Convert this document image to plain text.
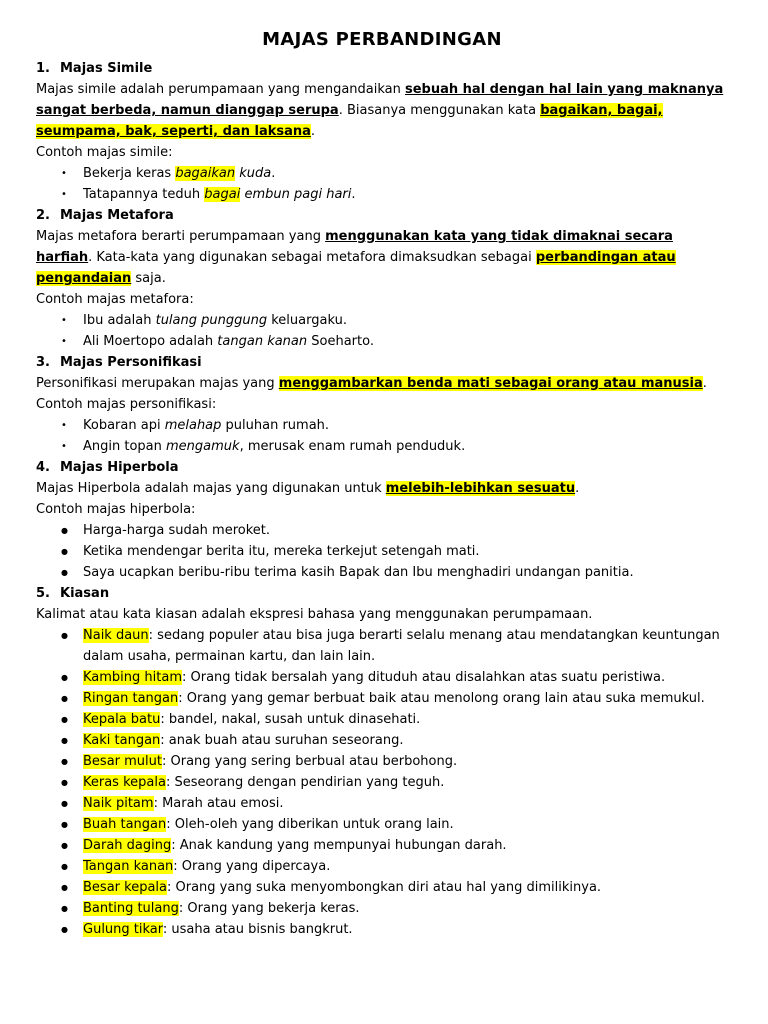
MAJAS PERBANDINGAN

1. Majas Simile

Majas simile adalah perumpamaan yang mengandaikan sebuah hal dengan hal lain yang maknanya sangat berbeda, namun dianggap serupa. Biasanya menggunakan kata bagaikan, bagai, seumpama, bak, seperti, dan laksana.

Contoh majas simile:

• Bekerja keras bagaikan kuda.
• Tatapannya teduh bagai embun pagi hari.

2. Majas Metafora

Majas metafora berarti perumpamaan yang menggunakan kata yang tidak dimaknai secara harfiah. Kata-kata yang digunakan sebagai metafora dimaksudkan sebagai perbandingan atau pengandaian saja.

Contoh majas metafora:

• Ibu adalah tulang punggung keluargaku.
• Ali Moertopo adalah tangan kanan Soeharto.

3. Majas Personifikasi

Personifikasi merupakan majas yang menggambarkan benda mati sebagai orang atau manusia.

Contoh majas personifikasi:

• Kobaran api melahap puluhan rumah.
• Angin topan mengamuk, merusak enam rumah penduduk.

4. Majas Hiperbola

Majas Hiperbola adalah majas yang digunakan untuk melebih-lebihkan sesuatu.

Contoh majas hiperbola:

● Harga-harga sudah meroket.
● Ketika mendengar berita itu, mereka terkejut setengah mati.
● Saya ucapkan beribu-ribu terima kasih Bapak dan Ibu menghadiri undangan panitia.

5. Kiasan

Kalimat atau kata kiasan adalah ekspresi bahasa yang menggunakan perumpamaan.

● Naik daun: sedang populer atau bisa juga berarti selalu menang atau mendatangkan keuntungan dalam usaha, permainan kartu, dan lain lain.
● Kambing hitam: Orang tidak bersalah yang dituduh atau disalahkan atas suatu peristiwa.
● Ringan tangan: Orang yang gemar berbuat baik atau menolong orang lain atau suka memukul.
● Kepala batu: bandel, nakal, susah untuk dinasehati.
● Kaki tangan: anak buah atau suruhan seseorang.
● Besar mulut: Orang yang sering berbual atau berbohong.
● Keras kepala: Seseorang dengan pendirian yang teguh.
● Naik pitam: Marah atau emosi.
● Buah tangan: Oleh-oleh yang diberikan untuk orang lain.
● Darah daging: Anak kandung yang mempunyai hubungan darah.
● Tangan kanan: Orang yang dipercaya.
● Besar kepala: Orang yang suka menyombongkan diri atau hal yang dimilikinya.
● Banting tulang: Orang yang bekerja keras.
● Gulung tikar: usaha atau bisnis bangkrut.
